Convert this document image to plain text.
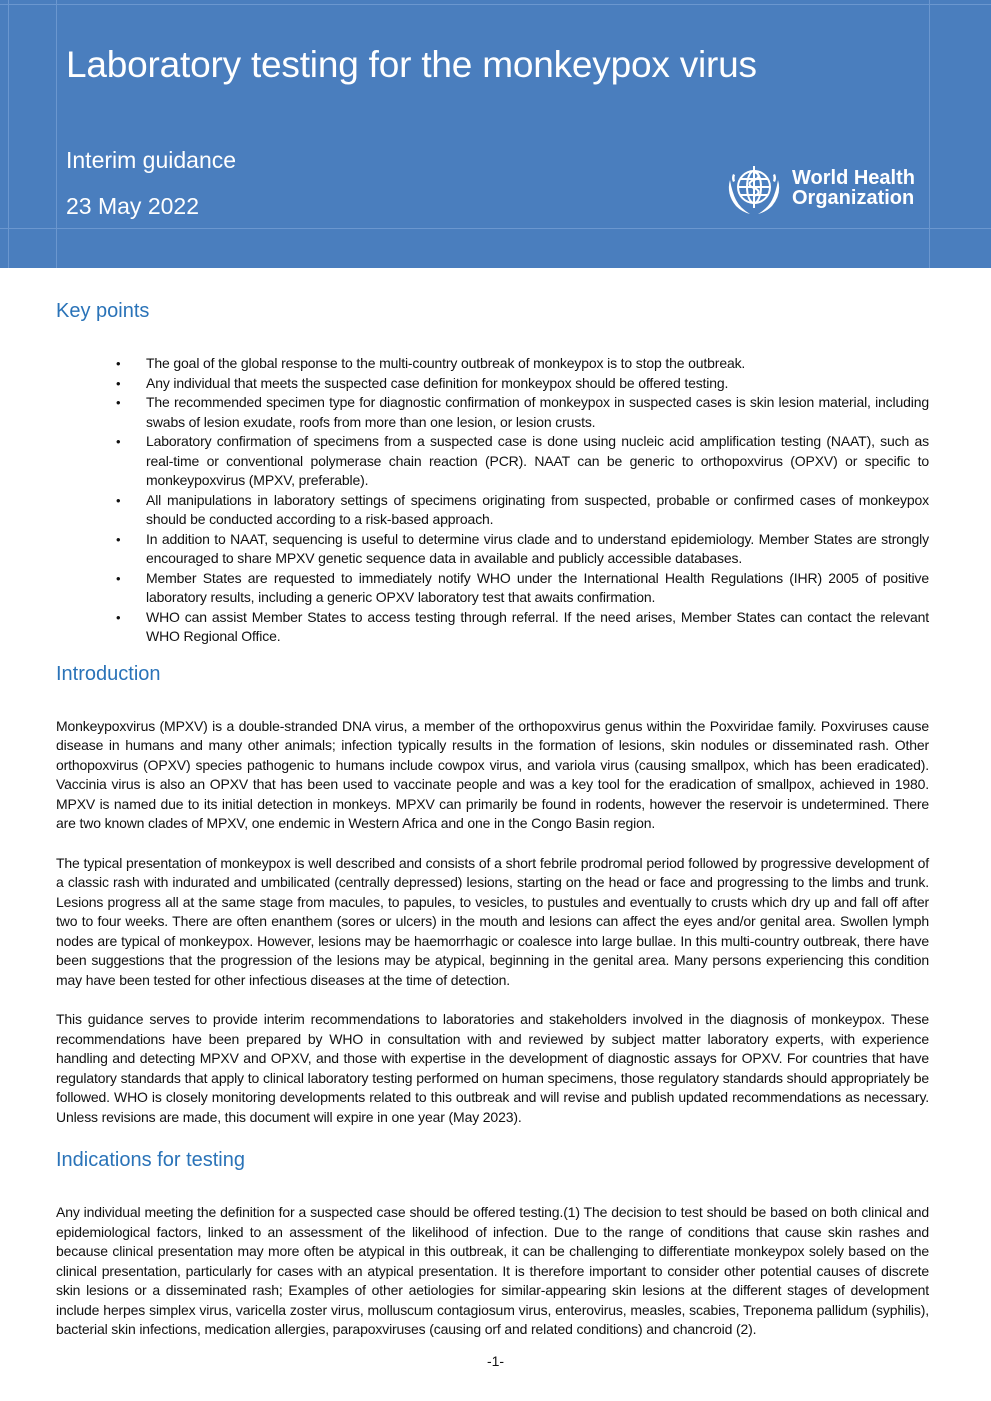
Laboratory testing for the monkeypox virus
Interim guidance
23 May 2022
World Health
Organization
Key points
• The goal of the global response to the multi-country outbreak of monkeypox is to stop the outbreak.
• Any individual that meets the suspected case definition for monkeypox should be offered testing.
• The recommended specimen type for diagnostic confirmation of monkeypox in suspected cases is skin lesion material, including swabs of lesion exudate, roofs from more than one lesion, or lesion crusts.
• Laboratory confirmation of specimens from a suspected case is done using nucleic acid amplification testing (NAAT), such as real-time or conventional polymerase chain reaction (PCR). NAAT can be generic to orthopoxvirus (OPXV) or specific to monkeypoxvirus (MPXV, preferable).
• All manipulations in laboratory settings of specimens originating from suspected, probable or confirmed cases of monkeypox should be conducted according to a risk-based approach.
• In addition to NAAT, sequencing is useful to determine virus clade and to understand epidemiology. Member States are strongly encouraged to share MPXV genetic sequence data in available and publicly accessible databases.
• Member States are requested to immediately notify WHO under the International Health Regulations (IHR) 2005 of positive laboratory results, including a generic OPXV laboratory test that awaits confirmation.
• WHO can assist Member States to access testing through referral. If the need arises, Member States can contact the relevant WHO Regional Office.
Introduction

Monkeypoxvirus (MPXV) is a double-stranded DNA virus, a member of the orthopoxvirus genus within the Poxviridae family. Poxviruses cause disease in humans and many other animals; infection typically results in the formation of lesions, skin nodules or disseminated rash. Other orthopoxvirus (OPXV) species pathogenic to humans include cowpox virus, and variola virus (causing smallpox, which has been eradicated). Vaccinia virus is also an OPXV that has been used to vaccinate people and was a key tool for the eradication of smallpox, achieved in 1980. MPXV is named due to its initial detection in monkeys. MPXV can primarily be found in rodents, however the reservoir is undetermined. There are two known clades of MPXV, one endemic in Western Africa and one in the Congo Basin region.

The typical presentation of monkeypox is well described and consists of a short febrile prodromal period followed by progressive development of a classic rash with indurated and umbilicated (centrally depressed) lesions, starting on the head or face and progressing to the limbs and trunk. Lesions progress all at the same stage from macules, to papules, to vesicles, to pustules and eventually to crusts which dry up and fall off after two to four weeks. There are often enanthem (sores or ulcers) in the mouth and lesions can affect the eyes and/or genital area. Swollen lymph nodes are typical of monkeypox. However, lesions may be haemorrhagic or coalesce into large bullae. In this multi-country outbreak, there have been suggestions that the progression of the lesions may be atypical, beginning in the genital area. Many persons experiencing this condition may have been tested for other infectious diseases at the time of detection.

This guidance serves to provide interim recommendations to laboratories and stakeholders involved in the diagnosis of monkeypox. These recommendations have been prepared by WHO in consultation with and reviewed by subject matter laboratory experts, with experience handling and detecting MPXV and OPXV, and those with expertise in the development of diagnostic assays for OPXV. For countries that have regulatory standards that apply to clinical laboratory testing performed on human specimens, those regulatory standards should appropriately be followed. WHO is closely monitoring developments related to this outbreak and will revise and publish updated recommendations as necessary. Unless revisions are made, this document will expire in one year (May 2023).

Indications for testing

Any individual meeting the definition for a suspected case should be offered testing.(1) The decision to test should be based on both clinical and epidemiological factors, linked to an assessment of the likelihood of infection. Due to the range of conditions that cause skin rashes and because clinical presentation may more often be atypical in this outbreak, it can be challenging to differentiate monkeypox solely based on the clinical presentation, particularly for cases with an atypical presentation. It is therefore important to consider other potential causes of discrete skin lesions or a disseminated rash; Examples of other aetiologies for similar-appearing skin lesions at the different stages of development include herpes simplex virus, varicella zoster virus, molluscum contagiosum virus, enterovirus, measles, scabies, Treponema pallidum (syphilis), bacterial skin infections, medication allergies, parapoxviruses (causing orf and related conditions) and chancroid (2).

-1-
